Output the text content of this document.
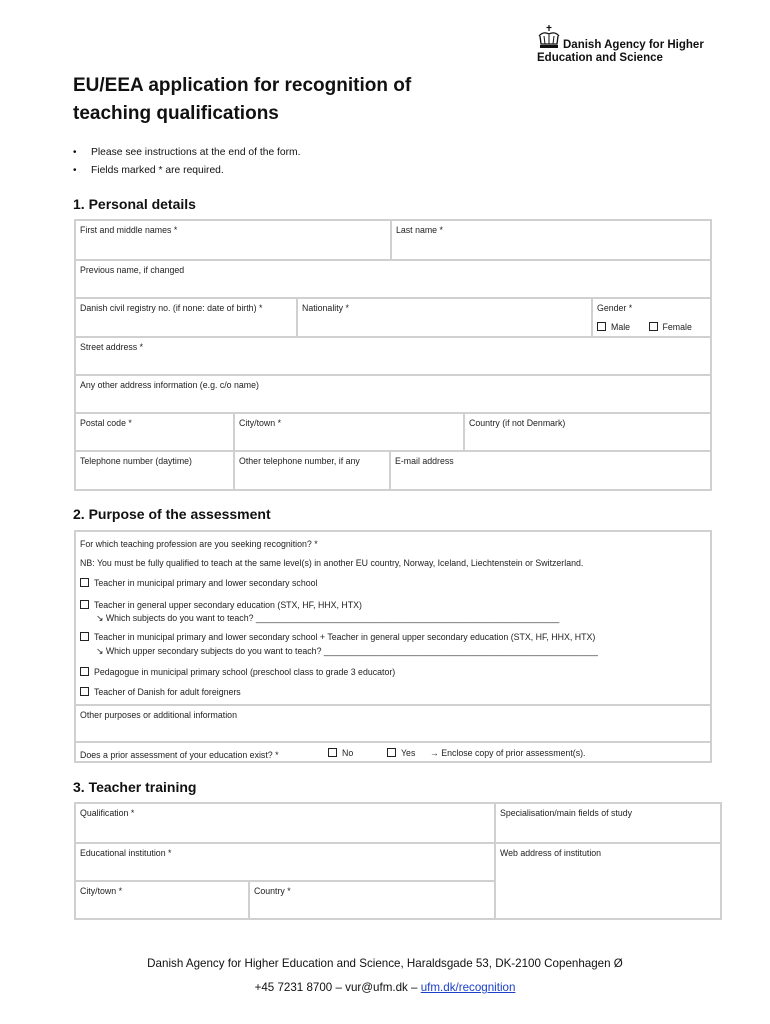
Danish Agency for Higher
Education and Science
EU/EEA application for recognition of teaching qualifications
• Please see instructions at the end of the form.
• Fields marked * are required.
1. Personal details
First and middle names *	Last name *
Previous name, if changed
Danish civil registry no. (if none: date of birth) *	Nationality *	Gender *
Male	Female
Street address *
Any other address information (e.g. c/o name)
Postal code *	City/town *	Country (if not Denmark)
Telephone number (daytime)	Other telephone number, if any	E-mail address
2. Purpose of the assessment
For which teaching profession are you seeking recognition? *
NB: You must be fully qualified to teach at the same level(s) in another EU country, Norway, Iceland, Liechtenstein or Switzerland.
Teacher in municipal primary and lower secondary school
Teacher in general upper secondary education (STX, HF, HHX, HTX)
↘ Which subjects do you want to teach? ______________________________________________________________
Teacher in municipal primary and lower secondary school + Teacher in general upper secondary education (STX, HF, HHX, HTX)
↘ Which upper secondary subjects do you want to teach? ________________________________________________________
Pedagogue in municipal primary school (preschool class to grade 3 educator)
Teacher of Danish for adult foreigners
Other purposes or additional information
Does a prior assessment of your education exist? *	No	Yes → Enclose copy of prior assessment(s).
3. Teacher training
Qualification *	Specialisation/main fields of study
Educational institution *	Web address of institution
City/town *	Country *
Danish Agency for Higher Education and Science, Haraldsgade 53, DK-2100 Copenhagen Ø
+45 7231 8700 – vur@ufm.dk – ufm.dk/recognition
